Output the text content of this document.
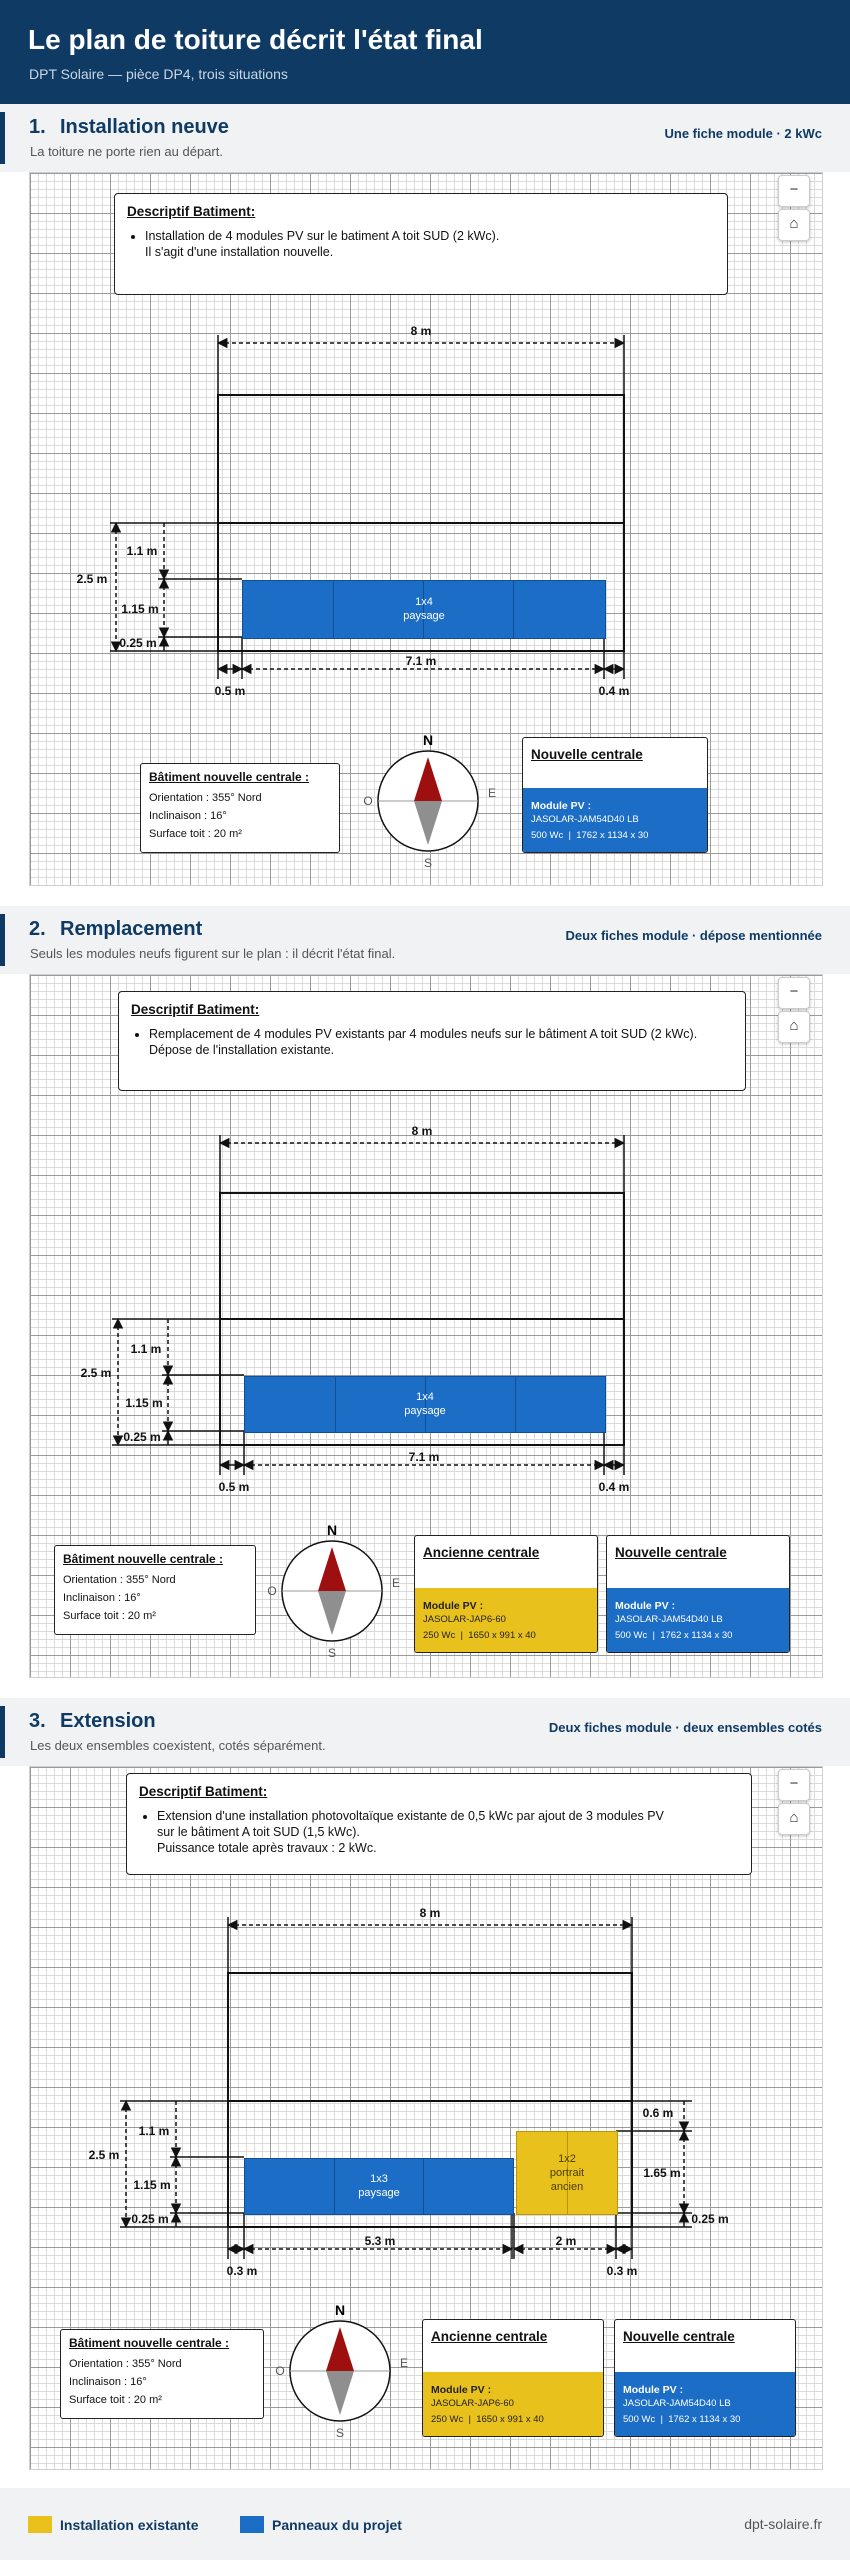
Le plan de toiture décrit l'état final
DPT Solaire — pièce DP4, trois situations
1. Installation neuve
La toiture ne porte rien au départ.
Une fiche module · 2 kWc
−
⌂
Descriptif Batiment:
• Installation de 4 modules PV sur le batiment A toit SUD (2 kWc).
Il s'agit d'une installation nouvelle.
8 m
2.5 m
1.1 m
1.15 m
0.25 m
7.1 m
0.5 m	0.4 m
N
S
E
O
1x4
paysage
Bâtiment nouvelle centrale :
Orientation : 355° Nord
Inclinaison : 16°
Surface toit : 20 m²
Nouvelle centrale
Module PV :
JASOLAR-JAM54D40 LB
500 Wc  |  1762 x 1134 x 30
2. Remplacement
Seuls les modules neufs figurent sur le plan : il décrit l'état final.
Deux fiches module · dépose mentionnée
−
⌂
Descriptif Batiment:
• Remplacement de 4 modules PV existants par 4 modules neufs sur le bâtiment A toit SUD (2 kWc).
Dépose de l'installation existante.
8 m
2.5 m
1.1 m
1.15 m
0.25 m
7.1 m
0.5 m	0.4 m
N
S
E
O
1x4
paysage
Bâtiment nouvelle centrale :
Orientation : 355° Nord
Inclinaison : 16°
Surface toit : 20 m²
Ancienne centrale
Module PV :
JASOLAR-JAP6-60
250 Wc  |  1650 x 991 x 40
Nouvelle centrale
Module PV :
JASOLAR-JAM54D40 LB
500 Wc  |  1762 x 1134 x 30
3. Extension
Les deux ensembles coexistent, cotés séparément.
Deux fiches module · deux ensembles cotés
−
⌂
Descriptif Batiment:
• Extension d'une installation photovoltaïque existante de 0,5 kWc par ajout de 3 modules PV
sur le bâtiment A toit SUD (1,5 kWc).
Puissance totale après travaux : 2 kWc.
8 m
2.5 m
1.1 m
1.15 m
0.25 m
5.3 m	2 m
0.3 m	0.3 m
0.6 m
1.65 m
0.25 m
N
S
E
O
1x3
paysage
1x2
portrait
ancien
Bâtiment nouvelle centrale :
Orientation : 355° Nord
Inclinaison : 16°
Surface toit : 20 m²
Ancienne centrale
Module PV :
JASOLAR-JAP6-60
250 Wc  |  1650 x 991 x 40
Nouvelle centrale
Module PV :
JASOLAR-JAM54D40 LB
500 Wc  |  1762 x 1134 x 30
Installation existante	Panneaux du projet	dpt-solaire.fr
